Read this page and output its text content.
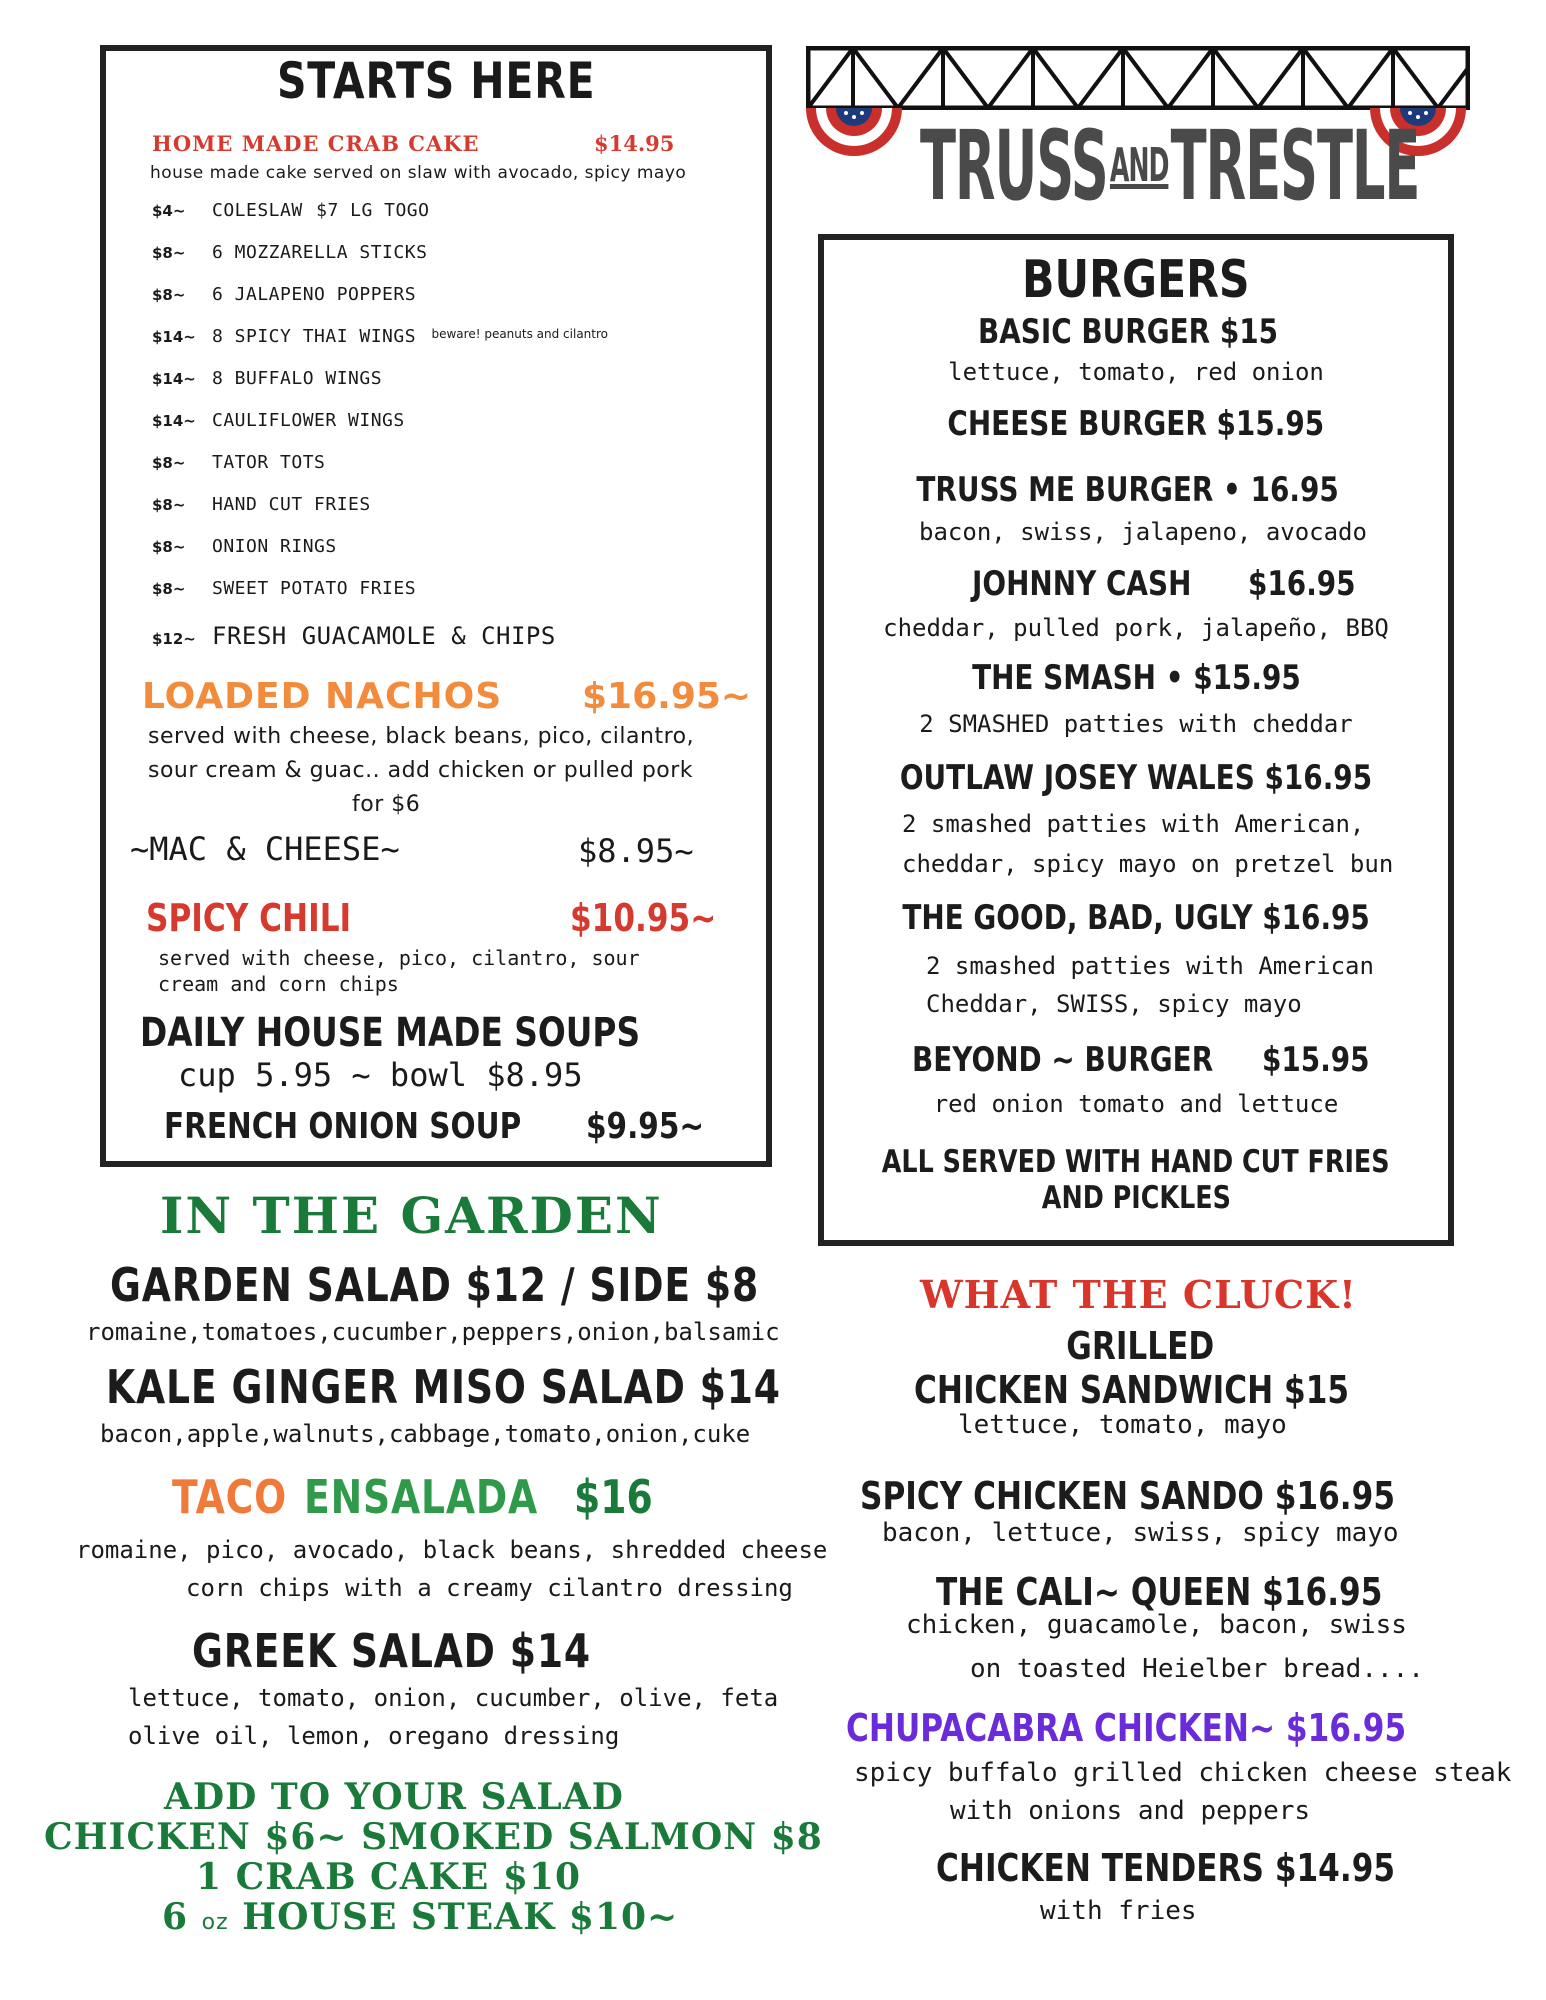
STARTS HERE
HOME MADE CRAB CAKE	$14.95
house made cake served on slaw with avocado, spicy mayo
$4~ COLESLAW $7 LG TOGO
$8~ 6 MOZZARELLA STICKS
$8~ 6 JALAPENO POPPERS
$14~ 8 SPICY THAI WINGS $^{beware! peanuts and cilantro}$
$14~ 8 BUFFALO WINGS
$14~ CAULIFLOWER WINGS
$8~ TATOR TOTS
$8~ HAND CUT FRIES
$8~ ONION RINGS
$8~ SWEET POTATO FRIES
$12~ FRESH GUACAMOLE & CHIPS
LOADED NACHOS $16.95~
served with cheese, black beans, pico, cilantro,
sour cream & guac.. add chicken or pulled pork
for $6
~MAC & CHEESE~	$8.95~
SPICY CHILI	$10.95~
served with cheese, pico, cilantro, sour
cream and corn chips
DAILY HOUSE MADE SOUPS
cup 5.95 ~ bowl $8.95
FRENCH ONION SOUP	$9.95~
TRUSSANDTRESTLE
BURGERS
BASIC BURGER $15
lettuce, tomato, red onion
CHEESE BURGER $15.95
TRUSS ME BURGER • 16.95
bacon, swiss, jalapeno, avocado
JOHNNY CASH	$16.95
cheddar, pulled pork, jalapeño, BBQ
THE SMASH • $15.95
2 SMASHED patties with cheddar
OUTLAW JOSEY WALES $16.95
2 smashed patties with American,
cheddar, spicy mayo on pretzel bun
THE GOOD, BAD, UGLY $16.95
2 smashed patties with American
Cheddar, SWISS, spicy mayo
BEYOND ~ BURGER	$15.95
red onion tomato and lettuce
ALL SERVED WITH HAND CUT FRIES
AND PICKLES
IN THE GARDEN
GARDEN SALAD $12 / SIDE $8
romaine,tomatoes,cucumber,peppers,onion,balsamic
KALE GINGER MISO SALAD $14
bacon,apple,walnuts,cabbage,tomato,onion,cuke
TACO ENSALADA $16
romaine, pico, avocado, black beans, shredded cheese
corn chips with a creamy cilantro dressing
GREEK SALAD $14
lettuce, tomato, onion, cucumber, olive, feta
olive oil, lemon, oregano dressing
ADD TO YOUR SALAD
CHICKEN $6~ SMOKED SALMON $8
1 CRAB CAKE $10
6 oz HOUSE STEAK $10~
WHAT THE CLUCK!
GRILLED
CHICKEN SANDWICH $15
lettuce, tomato, mayo
SPICY CHICKEN SANDO $16.95
bacon, lettuce, swiss, spicy mayo
THE CALI~ QUEEN $16.95
chicken, guacamole, bacon, swiss
on toasted Heielber bread....
CHUPACABRA CHICKEN~ $16.95
spicy buffalo grilled chicken cheese steak
with onions and peppers
CHICKEN TENDERS $14.95
with fries
